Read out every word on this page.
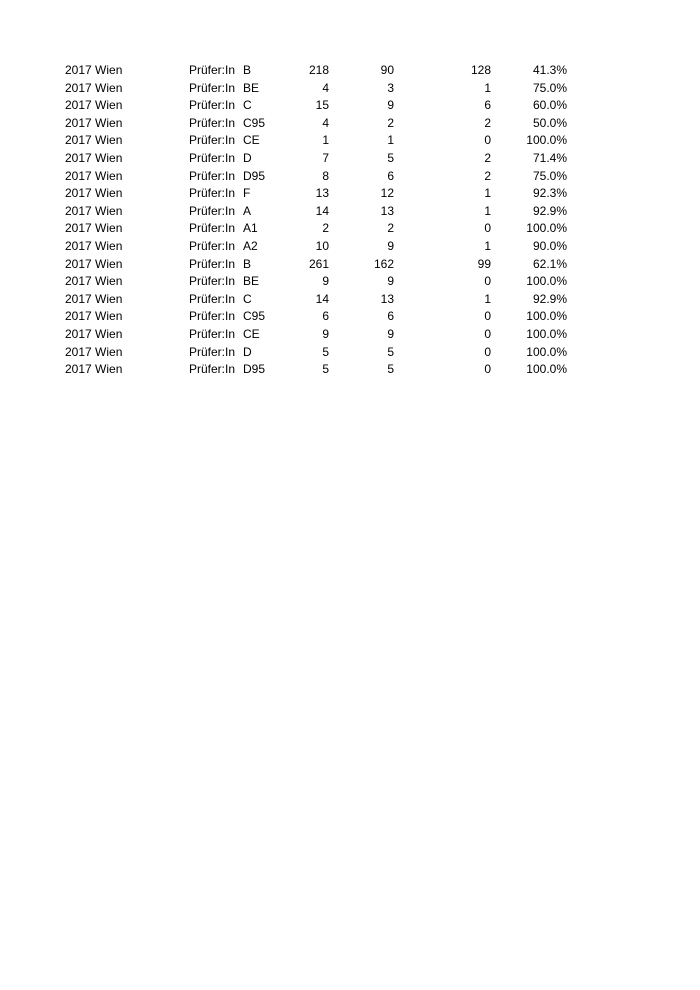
2017 Wien	Prüfer:In B	218	90	128	41.3%
2017 Wien	Prüfer:In BE	4	3	1	75.0%
2017 Wien	Prüfer:In C	15	9	6	60.0%
2017 Wien	Prüfer:In C95	4	2	2	50.0%
2017 Wien	Prüfer:In CE	1	1	0	100.0%
2017 Wien	Prüfer:In D	7	5	2	71.4%
2017 Wien	Prüfer:In D95	8	6	2	75.0%
2017 Wien	Prüfer:In F	13	12	1	92.3%
2017 Wien	Prüfer:In A	14	13	1	92.9%
2017 Wien	Prüfer:In A1	2	2	0	100.0%
2017 Wien	Prüfer:In A2	10	9	1	90.0%
2017 Wien	Prüfer:In B	261	162	99	62.1%
2017 Wien	Prüfer:In BE	9	9	0	100.0%
2017 Wien	Prüfer:In C	14	13	1	92.9%
2017 Wien	Prüfer:In C95	6	6	0	100.0%
2017 Wien	Prüfer:In CE	9	9	0	100.0%
2017 Wien	Prüfer:In D	5	5	0	100.0%
2017 Wien	Prüfer:In D95	5	5	0	100.0%
